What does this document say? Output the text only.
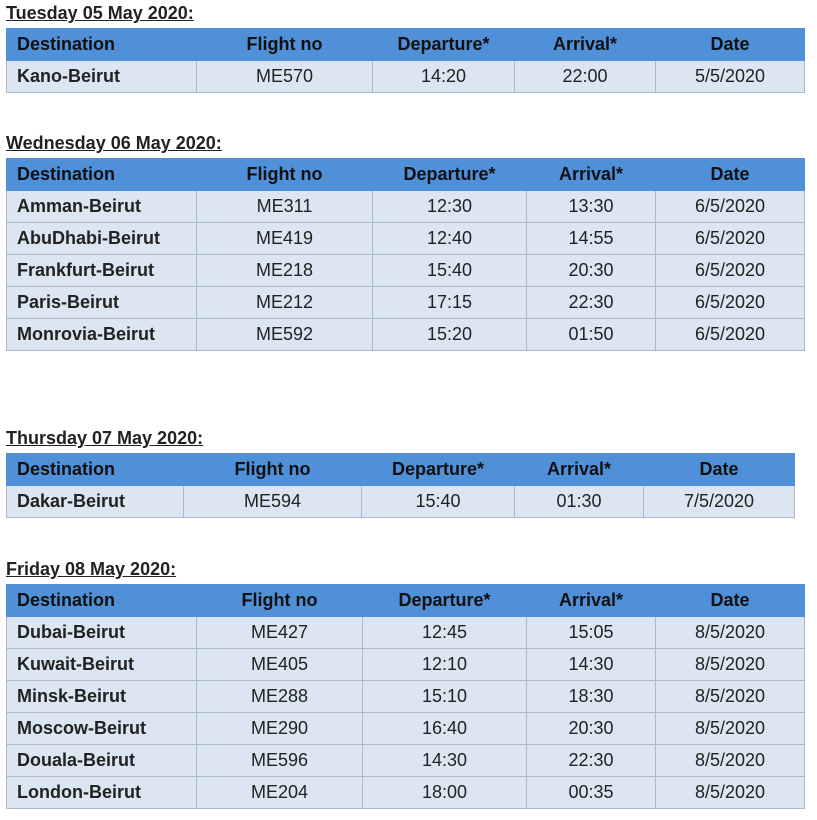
Tuesday 05 May 2020:
Destination	Flight no	Departure*	Arrival*	Date
Kano-Beirut	ME570	14:20	22:00	5/5/2020
Wednesday 06 May 2020:
Destination	Flight no	Departure*	Arrival*	Date
Amman-Beirut	ME311	12:30	13:30	6/5/2020
AbuDhabi-Beirut	ME419	12:40	14:55	6/5/2020
Frankfurt-Beirut	ME218	15:40	20:30	6/5/2020
Paris-Beirut	ME212	17:15	22:30	6/5/2020
Monrovia-Beirut	ME592	15:20	01:50	6/5/2020
Thursday 07 May 2020:
Destination	Flight no	Departure*	Arrival*	Date
Dakar-Beirut	ME594	15:40	01:30	7/5/2020
Friday 08 May 2020:
Destination	Flight no	Departure*	Arrival*	Date
Dubai-Beirut	ME427	12:45	15:05	8/5/2020
Kuwait-Beirut	ME405	12:10	14:30	8/5/2020
Minsk-Beirut	ME288	15:10	18:30	8/5/2020
Moscow-Beirut	ME290	16:40	20:30	8/5/2020
Douala-Beirut	ME596	14:30	22:30	8/5/2020
London-Beirut	ME204	18:00	00:35	8/5/2020
